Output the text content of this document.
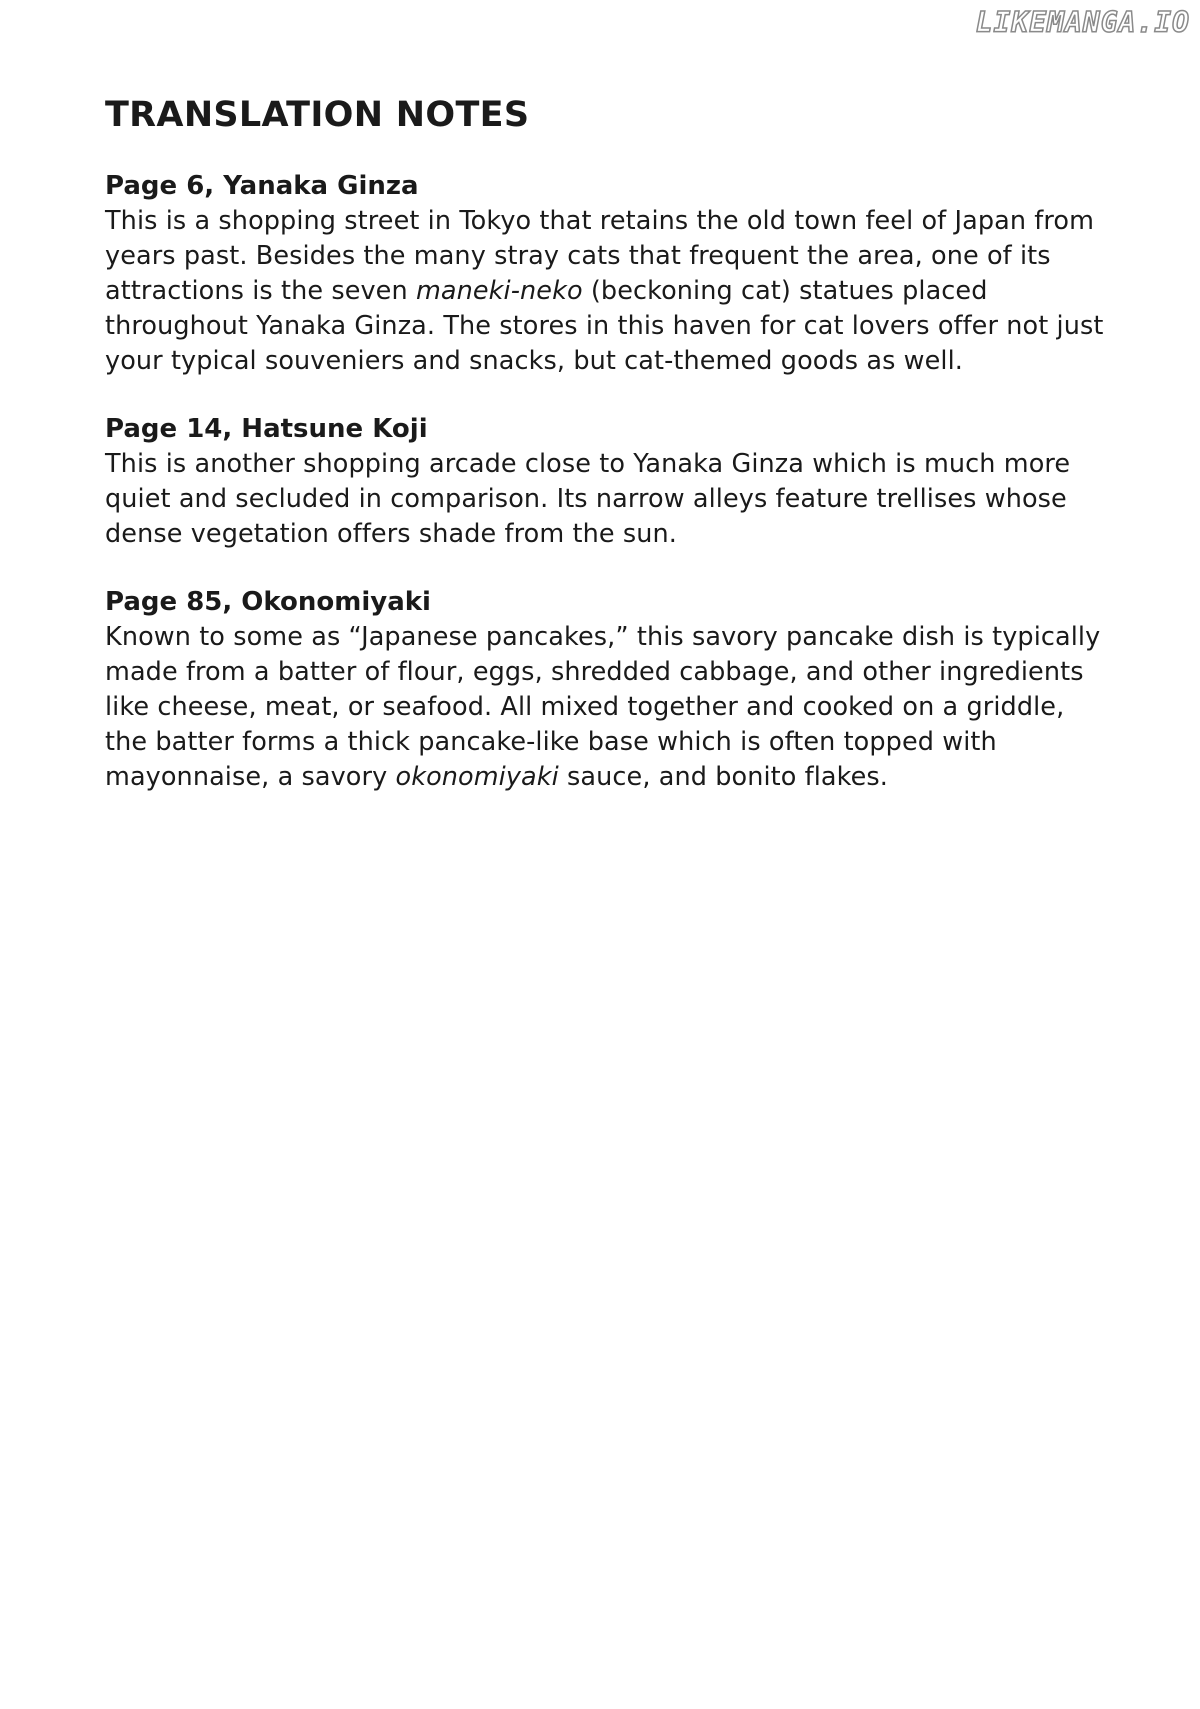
LIKEMANGA.IO
TRANSLATION NOTES
Page 6, Yanaka Ginza
This is a shopping street in Tokyo that retains the old town feel of Japan from years past. Besides the many stray cats that frequent the area, one of its attractions is the seven maneki-neko (beckoning cat) statues placed throughout Yanaka Ginza. The stores in this haven for cat lovers offer not just your typical souveniers and snacks, but cat-themed goods as well.
Page 14, Hatsune Koji
This is another shopping arcade close to Yanaka Ginza which is much more quiet and secluded in comparison. Its narrow alleys feature trellises whose dense vegetation offers shade from the sun.
Page 85, Okonomiyaki
Known to some as “Japanese pancakes,” this savory pancake dish is typically made from a batter of flour, eggs, shredded cabbage, and other ingredients like cheese, meat, or seafood. All mixed together and cooked on a griddle, the batter forms a thick pancake-like base which is often topped with mayonnaise, a savory okonomiyaki sauce, and bonito flakes.
